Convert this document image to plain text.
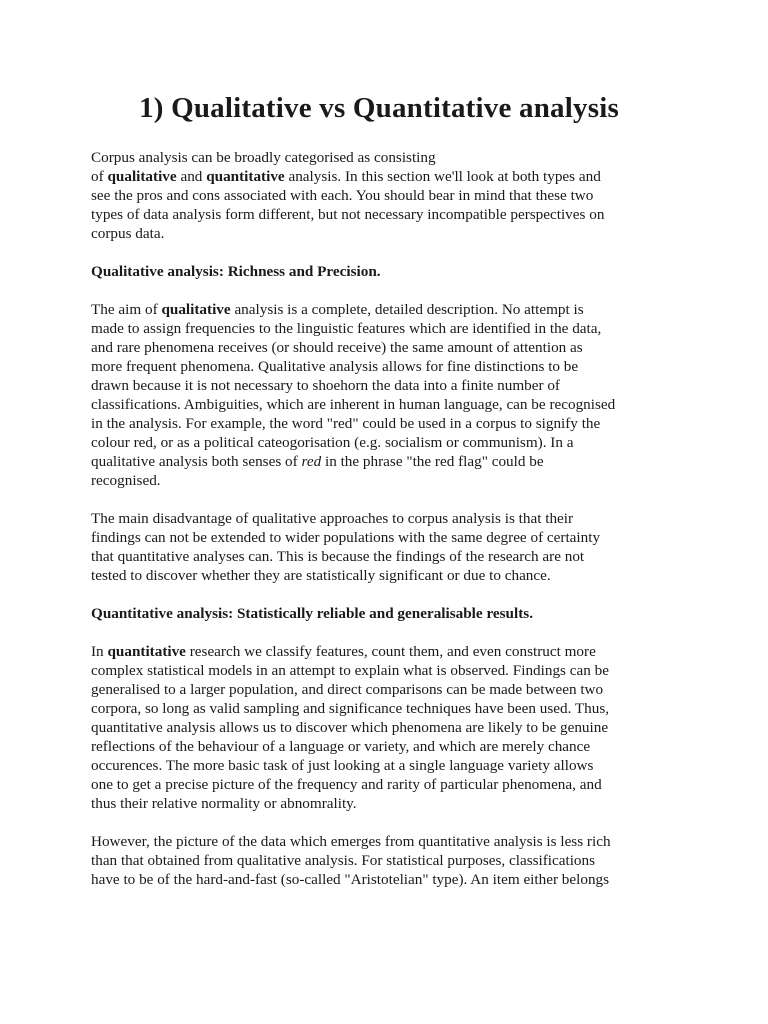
1) Qualitative vs Quantitative analysis

Corpus analysis can be broadly categorised as consisting
of qualitative and quantitative analysis. In this section we'll look at both types and
see the pros and cons associated with each. You should bear in mind that these two
types of data analysis form different, but not necessary incompatible perspectives on
corpus data.

Qualitative analysis: Richness and Precision.

The aim of qualitative analysis is a complete, detailed description. No attempt is
made to assign frequencies to the linguistic features which are identified in the data,
and rare phenomena receives (or should receive) the same amount of attention as
more frequent phenomena. Qualitative analysis allows for fine distinctions to be
drawn because it is not necessary to shoehorn the data into a finite number of
classifications. Ambiguities, which are inherent in human language, can be recognised
in the analysis. For example, the word "red" could be used in a corpus to signify the
colour red, or as a political cateogorisation (e.g. socialism or communism). In a
qualitative analysis both senses of red in the phrase "the red flag" could be
recognised.

The main disadvantage of qualitative approaches to corpus analysis is that their
findings can not be extended to wider populations with the same degree of certainty
that quantitative analyses can. This is because the findings of the research are not
tested to discover whether they are statistically significant or due to chance.

Quantitative analysis: Statistically reliable and generalisable results.

In quantitative research we classify features, count them, and even construct more
complex statistical models in an attempt to explain what is observed. Findings can be
generalised to a larger population, and direct comparisons can be made between two
corpora, so long as valid sampling and significance techniques have been used. Thus,
quantitative analysis allows us to discover which phenomena are likely to be genuine
reflections of the behaviour of a language or variety, and which are merely chance
occurences. The more basic task of just looking at a single language variety allows
one to get a precise picture of the frequency and rarity of particular phenomena, and
thus their relative normality or abnomrality.

However, the picture of the data which emerges from quantitative analysis is less rich
than that obtained from qualitative analysis. For statistical purposes, classifications
have to be of the hard-and-fast (so-called "Aristotelian" type). An item either belongs
